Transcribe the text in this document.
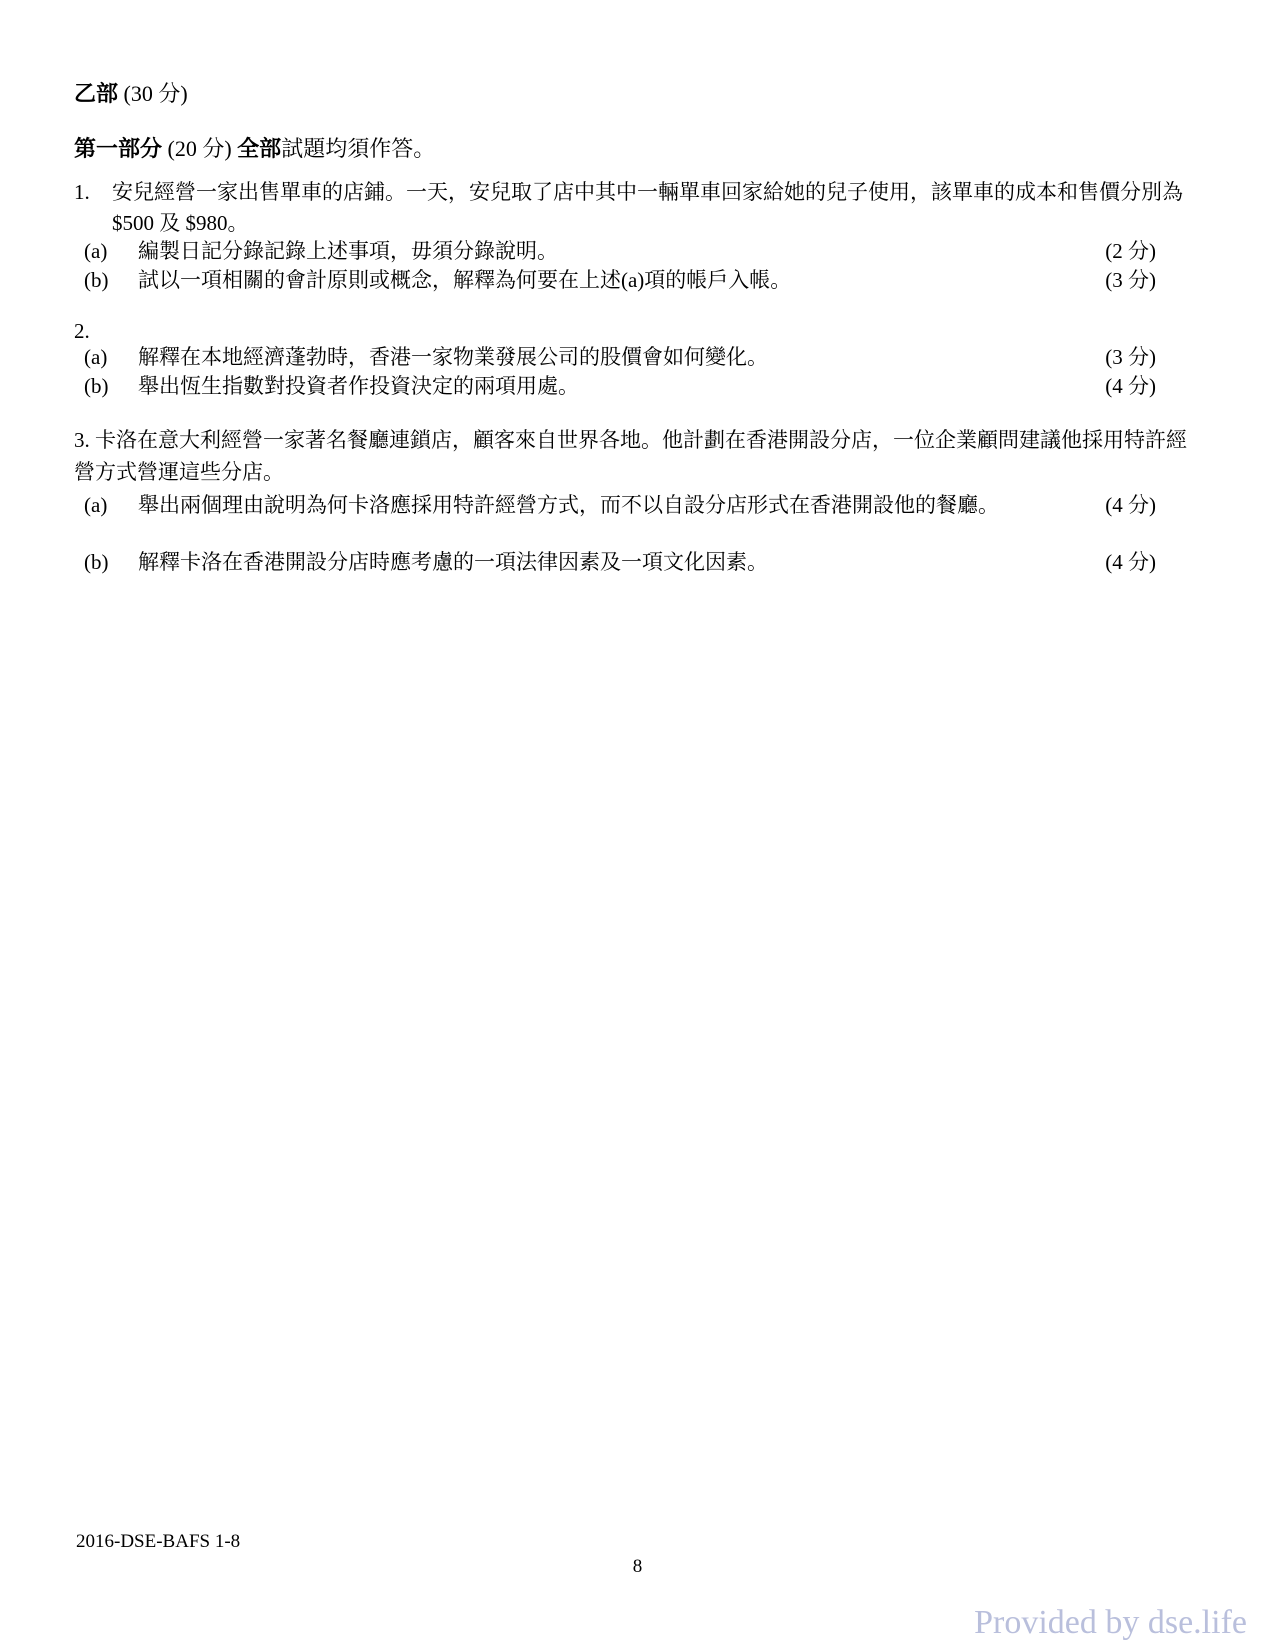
乙部 (30 分)
第一部分 (20 分) 全部試題均須作答。
1. 安兒經營一家出售單車的店鋪。一天，安兒取了店中其中一輛單車回家給她的兒子使用，該單車的成本和售價分別為$500 及 $980。
(a) 編製日記分錄記錄上述事項，毋須分錄說明。	(2 分)
(b) 試以一項相關的會計原則或概念，解釋為何要在上述(a)項的帳戶入帳。	(3 分)
2.
(a) 解釋在本地經濟蓬勃時，香港一家物業發展公司的股價會如何變化。	(3 分)
(b) 舉出恆生指數對投資者作投資決定的兩項用處。	(4 分)
3. 卡洛在意大利經營一家著名餐廳連鎖店，顧客來自世界各地。他計劃在香港開設分店，一位企業顧問建議他採用特許經營方式營運這些分店。
(a) 舉出兩個理由說明為何卡洛應採用特許經營方式，而不以自設分店形式在香港開設他的餐廳。	(4 分)
(b) 解釋卡洛在香港開設分店時應考慮的一項法律因素及一項文化因素。	(4 分)
2016-DSE-BAFS 1-8
8
Provided by dse.life
